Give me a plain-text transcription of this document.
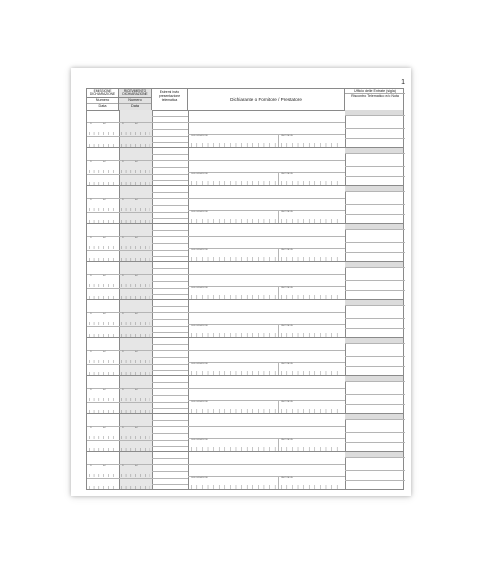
1
EMISSIONE DICHIARAZIONE
Numero
Data
RICEVIMENTO DICHIARAZIONE
Numero
Data
Estremi invio presentazione telematica	Dichiarante o Fornitore / Prestatore
Ufficio delle Entrate (sigla)
Riscontro Telematico e/o Nota
N.	N.
del	del
DENOMINAZIONE	PARTITA IVA
N.	N.
del	del
DENOMINAZIONE	PARTITA IVA
N.	N.
del	del
DENOMINAZIONE	PARTITA IVA
N.	N.
del	del
DENOMINAZIONE	PARTITA IVA
N.	N.
del	del
DENOMINAZIONE	PARTITA IVA
N.	N.
del	del
DENOMINAZIONE	PARTITA IVA
N.	N.
del	del
DENOMINAZIONE	PARTITA IVA
N.	N.
del	del
DENOMINAZIONE	PARTITA IVA
N.	N.
del	del
DENOMINAZIONE	PARTITA IVA
N.	N.
del	del
DENOMINAZIONE	PARTITA IVA
